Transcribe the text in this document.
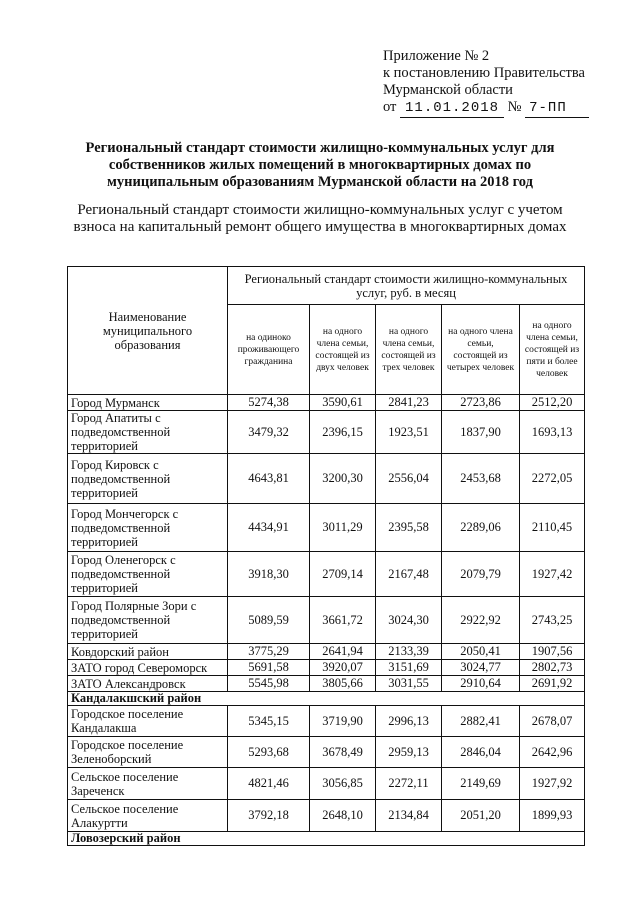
Приложение № 2
к постановлению Правительства
Мурманской области
от 11.01.2018 № 7-ПП
Региональный стандарт стоимости жилищно-коммунальных услуг для собственников жилых помещений в многоквартирных домах по муниципальным образованиям Мурманской области на 2018 год
Региональный стандарт стоимости жилищно-коммунальных услуг с учетом взноса на капитальный ремонт общего имущества в многоквартирных домах
Наименование муниципального образования	Региональный стандарт стоимости жилищно-коммунальных услуг, руб. в месяц				
	на одиноко проживающего гражданина	на одного члена семьи, состоящей из двух человек	на одного члена семьи, состоящей из трех человек	на одного члена семьи, состоящей из четырех человек	на одного члена семьи, состоящей из пяти и более человек
Город Мурманск	5274,38	3590,61	2841,23	2723,86	2512,20
Город Апатиты с подведомственной территорией	3479,32	2396,15	1923,51	1837,90	1693,13
Город Кировск с подведомственной территорией	4643,81	3200,30	2556,04	2453,68	2272,05
Город Мончегорск с подведомственной территорией	4434,91	3011,29	2395,58	2289,06	2110,45
Город Оленегорск с подведомственной территорией	3918,30	2709,14	2167,48	2079,79	1927,42
Город Полярные Зори с подведомственной территорией	5089,59	3661,72	3024,30	2922,92	2743,25
Ковдорский район	3775,29	2641,94	2133,39	2050,41	1907,56
ЗАТО город Североморск	5691,58	3920,07	3151,69	3024,77	2802,73
ЗАТО Александровск	5545,98	3805,66	3031,55	2910,64	2691,92
Кандалакшский район					
Городское поселение Кандалакша	5345,15	3719,90	2996,13	2882,41	2678,07
Городское поселение Зеленоборский	5293,68	3678,49	2959,13	2846,04	2642,96
Сельское поселение Зареченск	4821,46	3056,85	2272,11	2149,69	1927,92
Сельское поселение Алакуртти	3792,18	2648,10	2134,84	2051,20	1899,93
Ловозерский район					
